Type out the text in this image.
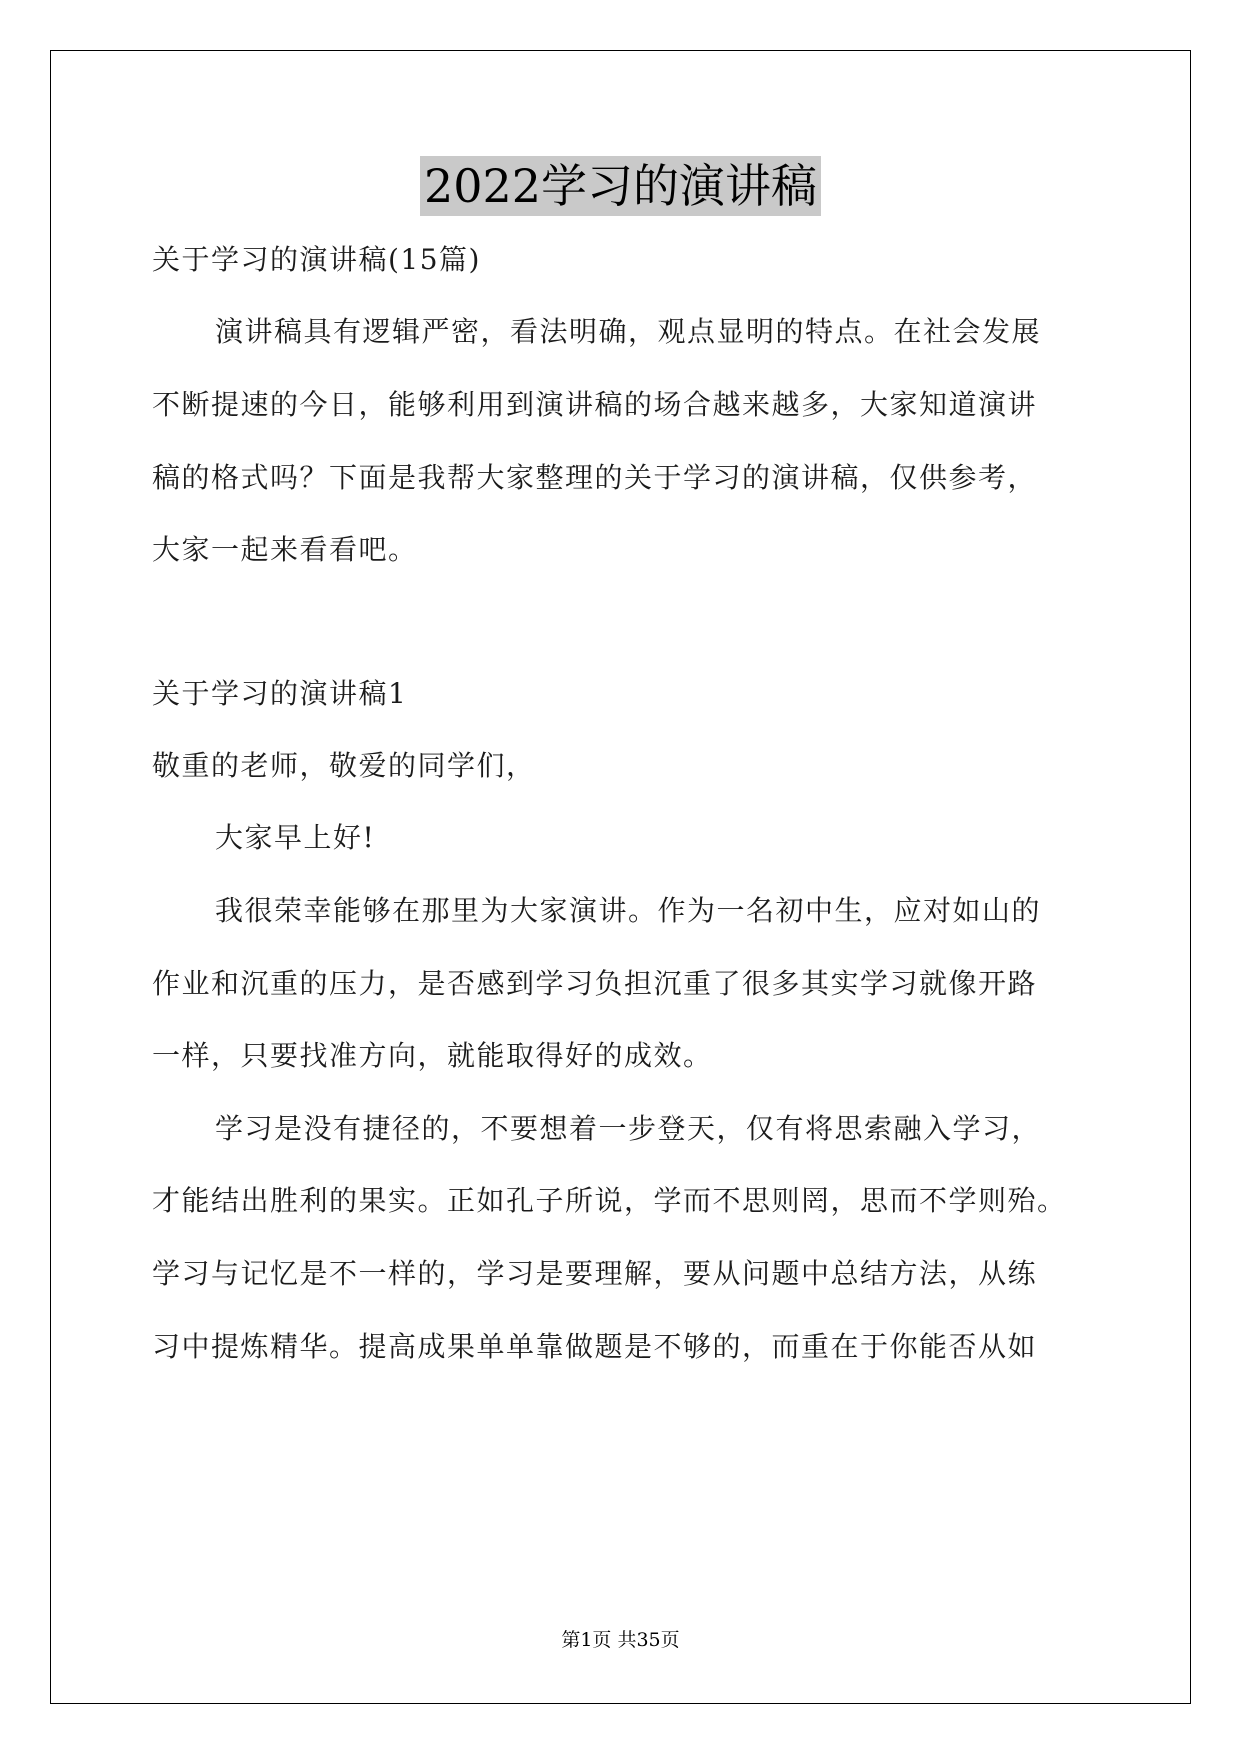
2022学习的演讲稿
关于学习的演讲稿(15篇)
演讲稿具有逻辑严密，看法明确，观点显明的特点。在社会发展
不断提速的今日，能够利用到演讲稿的场合越来越多，大家知道演讲
稿的格式吗？下面是我帮大家整理的关于学习的演讲稿，仅供参考，
大家一起来看看吧。
关于学习的演讲稿1
敬重的老师，敬爱的同学们，
大家早上好!
我很荣幸能够在那里为大家演讲。作为一名初中生，应对如山的
作业和沉重的压力，是否感到学习负担沉重了很多其实学习就像开路
一样，只要找准方向，就能取得好的成效。
学习是没有捷径的，不要想着一步登天，仅有将思索融入学习，
才能结出胜利的果实。正如孔子所说，学而不思则罔，思而不学则殆。
学习与记忆是不一样的，学习是要理解，要从问题中总结方法，从练
习中提炼精华。提高成果单单靠做题是不够的，而重在于你能否从如
第1页 共35页
